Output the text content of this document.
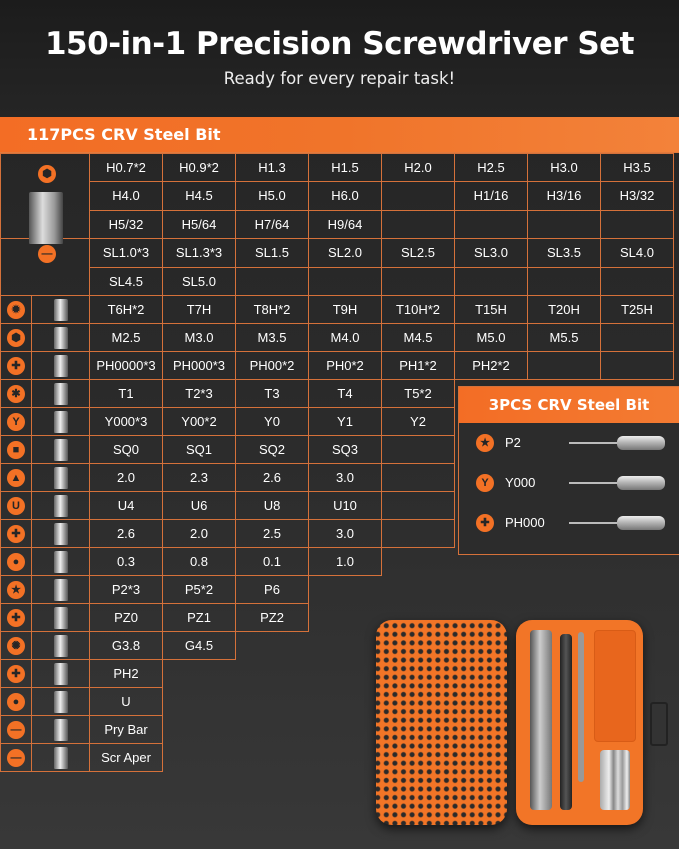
150-in-1 Precision Screwdriver Set
Ready for every repair task!
117PCS CRV Steel Bit
⬢		H0.7*2	H0.9*2	H1.3	H1.5	H2.0	H2.5	H3.0	H3.5
		H4.0	H4.5	H5.0	H6.0		H1/16	H3/16	H3/32
		H5/32	H5/64	H7/64	H9/64				

—		SL1.0*3	SL1.3*3	SL1.5	SL2.0	SL2.5	SL3.0	SL3.5	SL4.0
		SL4.5	SL5.0						

✹		T6H*2	T7H	T8H*2	T9H	T10H*2	T15H	T20H	T25H

⬢		M2.5	M3.0	M3.5	M4.0	M4.5	M5.0	M5.5	

✚		PH0000*3	PH000*3	PH00*2	PH0*2	PH1*2	PH2*2		

✱		T1	T2*3	T3	T4	T5*2			

Y		Y000*3	Y00*2	Y0	Y1	Y2			

■		SQ0	SQ1	SQ2	SQ3				

▲		2.0	2.3	2.6	3.0				

U		U4	U6	U8	U10				

✚		2.6	2.0	2.5	3.0				

●		0.3	0.8	0.1	1.0				

★		P2*3	P5*2	P6					

✚		PZ0	PZ1	PZ2					

✺		G3.8	G4.5						

✚		PH2							

●		U							

—		Pry Bar							

—		Scr Aper							
3PCS CRV Steel Bit
★	P2
Y	Y000
✚	PH000
